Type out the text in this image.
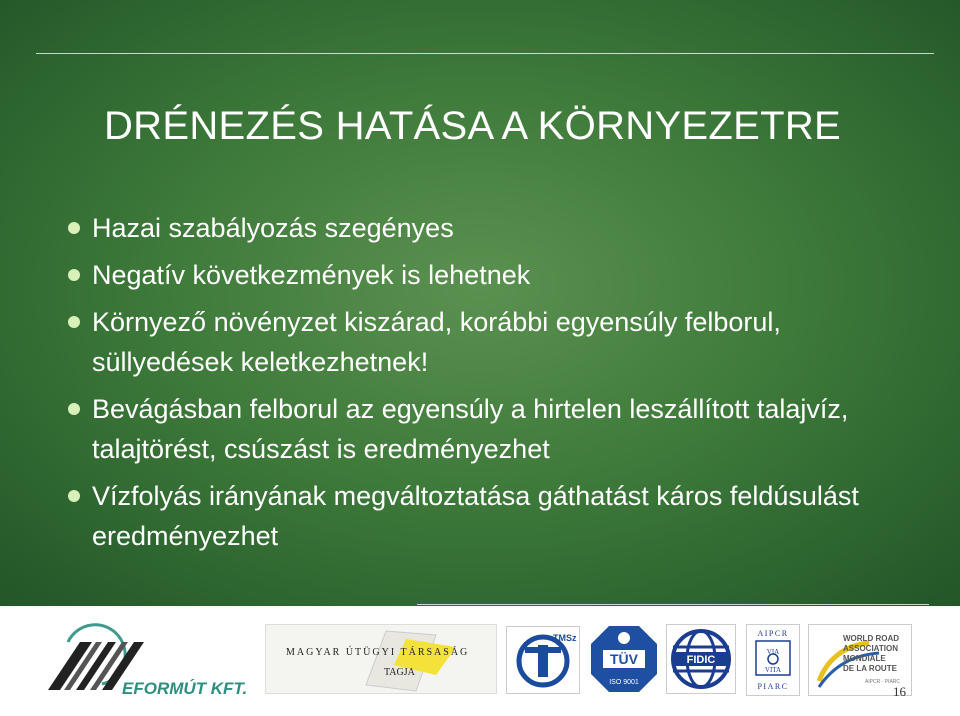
DRÉNEZÉS HATÁSA A KÖRNYEZETRE
Hazai szabályozás szegényes
Negatív következmények is lehetnek
Környező növényzet kiszárad, korábbi egyensúly felborul, süllyedések keletkezhetnek!
Bevágásban felborul az egyensúly a hirtelen leszállított talajvíz, talajtörést, csúszást is eredményezhet
Vízfolyás irányának megváltoztatása gáthatást káros feldúsulást eredményezhet
EFORMÚT KFT.
MAGYAR ÚTÜGYI TÁRSASÁG
TAGJA
TMSz
TÜV
ISO 9001
FIDIC
AIPCR
VIA
VITA
PIARC
WORLD ROAD
ASSOCIATION
MONDIALE
DE LA ROUTE
AIPCR · PIARC
16
